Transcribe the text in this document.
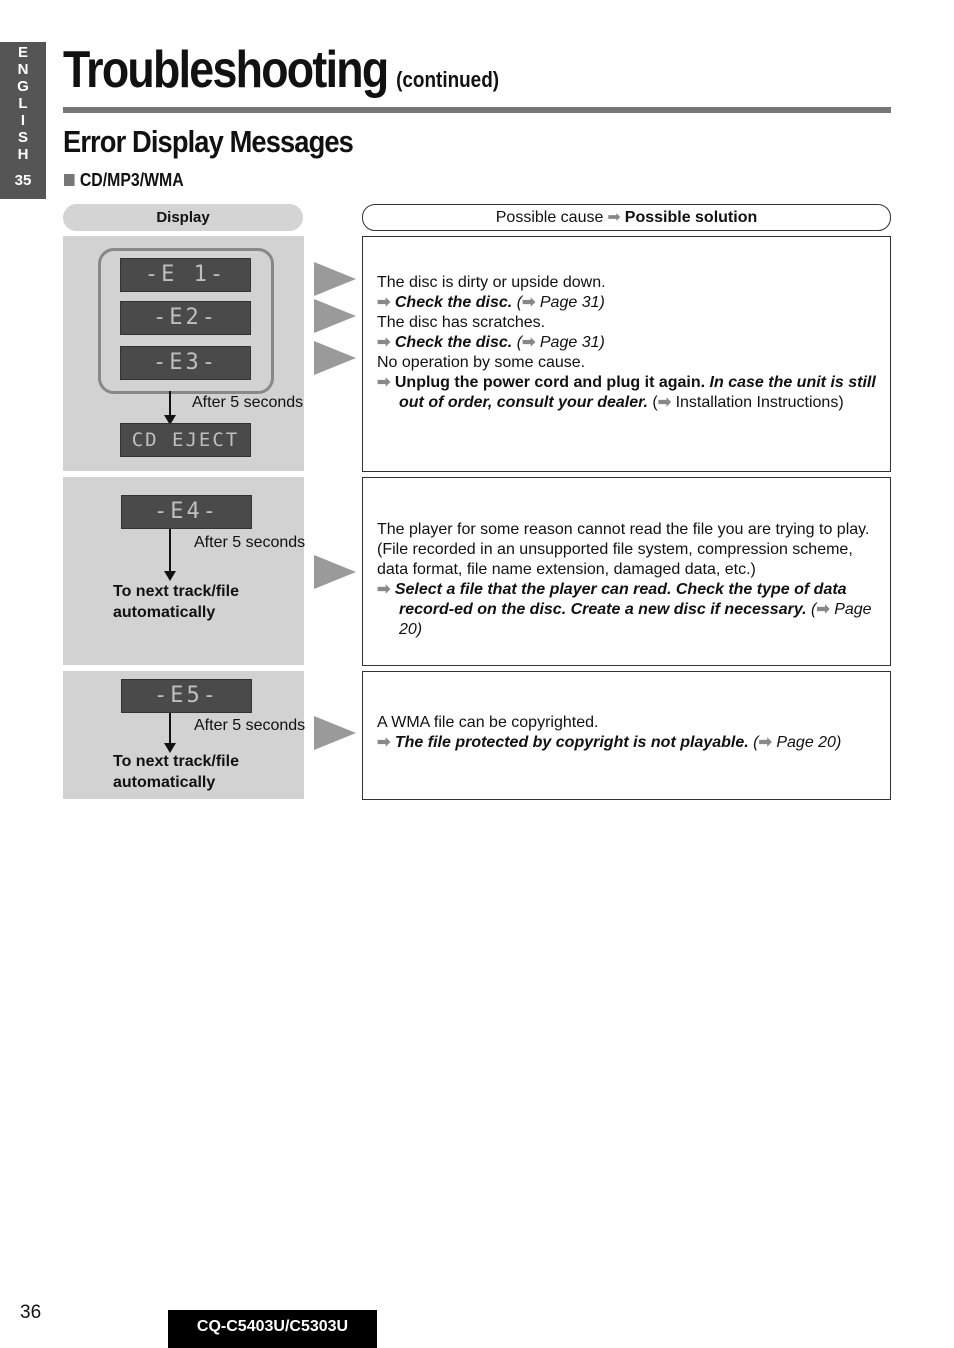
E
N
G
L
I
S
H
35
Troubleshooting (continued)
Error Display Messages
CD/MP3/WMA
Display	Possible cause ➡ Possible solution
-E 1-
-E2-
-E3-
After 5 seconds
CD EJECT
-E4-
After 5 seconds
To next track/file
automatically
-E5-
After 5 seconds
To next track/file
automatically
The disc is dirty or upside down.
➡ Check the disc. (➡ Page 31)
The disc has scratches.
➡ Check the disc. (➡ Page 31)
No operation by some cause.
➡ Unplug the power cord and plug it again. In case the unit is still out of order, consult your dealer. (➡ Installation Instructions)
The player for some reason cannot read the file you are trying to play. (File recorded in an unsupported file system, compression scheme, data format, file name extension, damaged data, etc.)
➡ Select a file that the player can read. Check the type of data record-ed on the disc. Create a new disc if necessary. (➡ Page 20)
A WMA file can be copyrighted.
➡ The file protected by copyright is not playable. (➡ Page 20)
36
CQ-C5403U/C5303U
